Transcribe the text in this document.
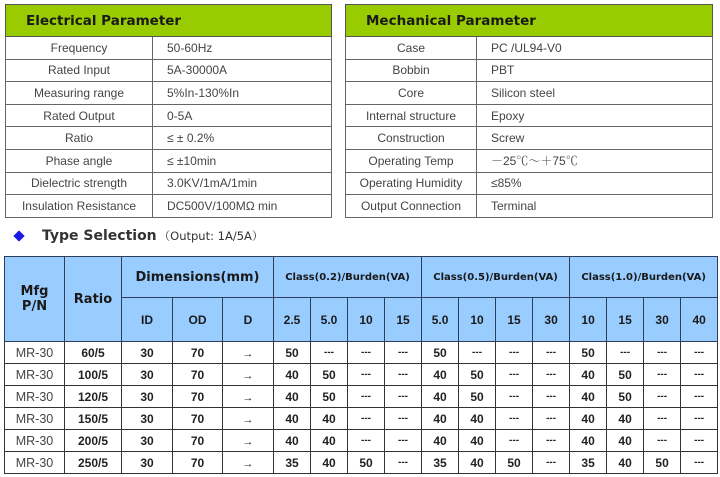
Electrical Parameter	
Frequency	50-60Hz
Rated Input	5A-30000A
Measuring range	5%In-130%In
Rated Output	0-5A
Ratio	≤ ± 0.2%
Phase angle	≤ ±10min
Dielectric strength	3.0KV/1mA/1min
Insulation Resistance	DC500V/100MΩ min
Mechanical Parameter	
Case	PC /UL94-V0
Bobbin	PBT
Core	Silicon steel
Internal structure	Epoxy
Construction	Screw
Operating Temp	－25℃～＋75℃
Operating Humidity	≤85%
Output Connection	Terminal
Type Selection （Output: 1A/5A）
Mfg
P/N	Ratio	Dimensions(mm)			Class(0.2)/Burden(VA)				Class(0.5)/Burden(VA)				Class(1.0)/Burden(VA)			
		ID	OD	D	2.5	5.0	10	15	5.0	10	15	30	10	15	30	40
MR-30	60/5	30	70	→	50	---	---	---	50	---	---	---	50	---	---	---
MR-30	100/5	30	70	→	40	50	---	---	40	50	---	---	40	50	---	---
MR-30	120/5	30	70	→	40	50	---	---	40	50	---	---	40	50	---	---
MR-30	150/5	30	70	→	40	40	---	---	40	40	---	---	40	40	---	---
MR-30	200/5	30	70	→	40	40	---	---	40	40	---	---	40	40	---	---
MR-30	250/5	30	70	→	35	40	50	---	35	40	50	---	35	40	50	---
